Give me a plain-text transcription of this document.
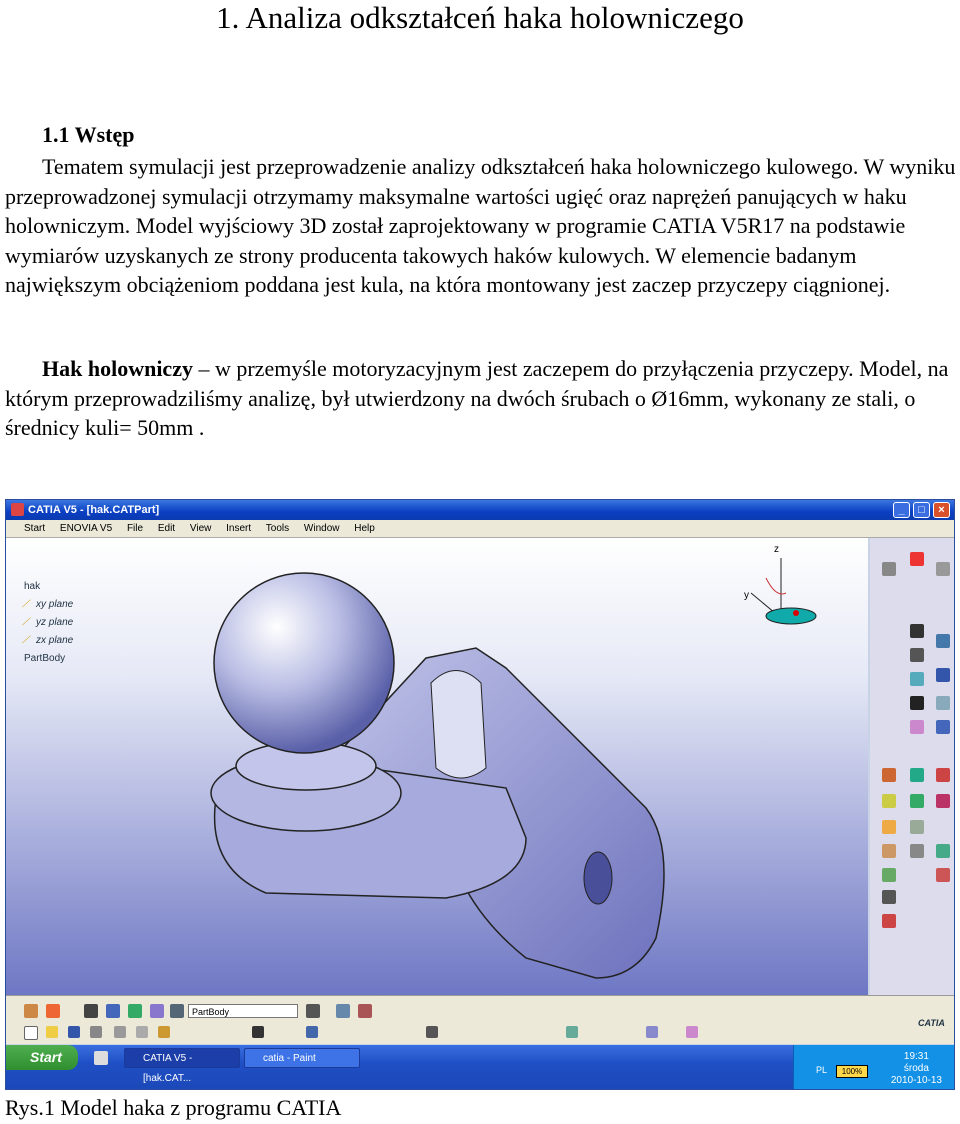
1. Analiza odkształceń haka holowniczego
1.1 Wstęp
Tematem symulacji jest przeprowadzenie analizy odkształceń haka holowniczego kulowego. W wyniku przeprowadzonej symulacji otrzymamy maksymalne wartości ugięć oraz naprężeń panujących w haku holowniczym. Model wyjściowy 3D został zaprojektowany w programie CATIA V5R17 na podstawie wymiarów uzyskanych ze strony producenta takowych haków kulowych. W elemencie badanym największym obciążeniom poddana jest kula, na która montowany jest zaczep przyczepy ciągnionej.
Hak holowniczy – w przemyśle motoryzacyjnym jest zaczepem do przyłączenia przyczepy. Model, na którym przeprowadziliśmy analizę, był utwierdzony na dwóch śrubach o Ø16mm, wykonany ze stali, o średnicy kuli= 50mm .
CATIA V5 - [hak.CATPart]	_	□	×
Start ENOVIA V5 File Edit View Insert Tools Window Help
hak
⟋ xy plane
⟋ yz plane
⟋ zx plane
PartBody
z
y
PartBody
CATIA
Start	CATIA V5 - [hak.CAT...
catia - Paint
PL	100%
19:31
środa
2010-10-13
Rys.1 Model haka z programu CATIA
